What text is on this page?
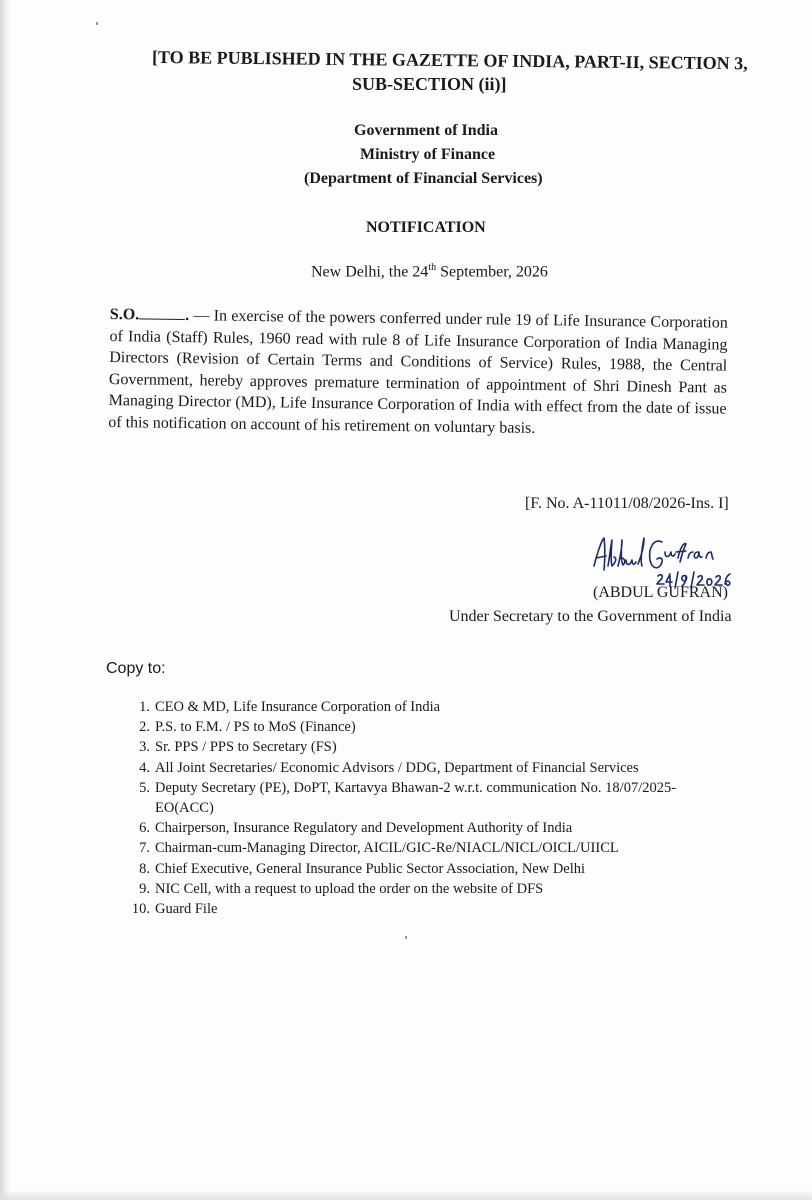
[TO BE PUBLISHED IN THE GAZETTE OF INDIA, PART-II, SECTION 3,
SUB-SECTION (ii)]
Government of India
Ministry of Finance
(Department of Financial Services)
NOTIFICATION
New Delhi, the 24th September, 2026
S.O.	. — In exercise of the powers conferred under rule 19 of Life Insurance Corporation of India (Staff) Rules, 1960 read with rule 8 of Life Insurance Corporation of India Managing Directors (Revision of Certain Terms and Conditions of Service) Rules, 1988, the Central Government, hereby approves premature termination of appointment of Shri Dinesh Pant as Managing Director (MD), Life Insurance Corporation of India with effect from the date of issue of this notification on account of his retirement on voluntary basis.
[F. No. A-11011/08/2026-Ins. I]
(ABDUL GUFRAN)
Under Secretary to the Government of India
Copy to:
1. CEO & MD, Life Insurance Corporation of India
2. P.S. to F.M. / PS to MoS (Finance)
3. Sr. PPS / PPS to Secretary (FS)
4. All Joint Secretaries/ Economic Advisors / DDG, Department of Financial Services
5. Deputy Secretary (PE), DoPT, Kartavya Bhawan-2 w.r.t. communication No. 18/07/2025-EO(ACC)
6. Chairperson, Insurance Regulatory and Development Authority of India
7. Chairman-cum-Managing Director, AICIL/GIC-Re/NIACL/NICL/OICL/UIICL
8. Chief Executive, General Insurance Public Sector Association, New Delhi
9. NIC Cell, with a request to upload the order on the website of DFS
10. Guard File
